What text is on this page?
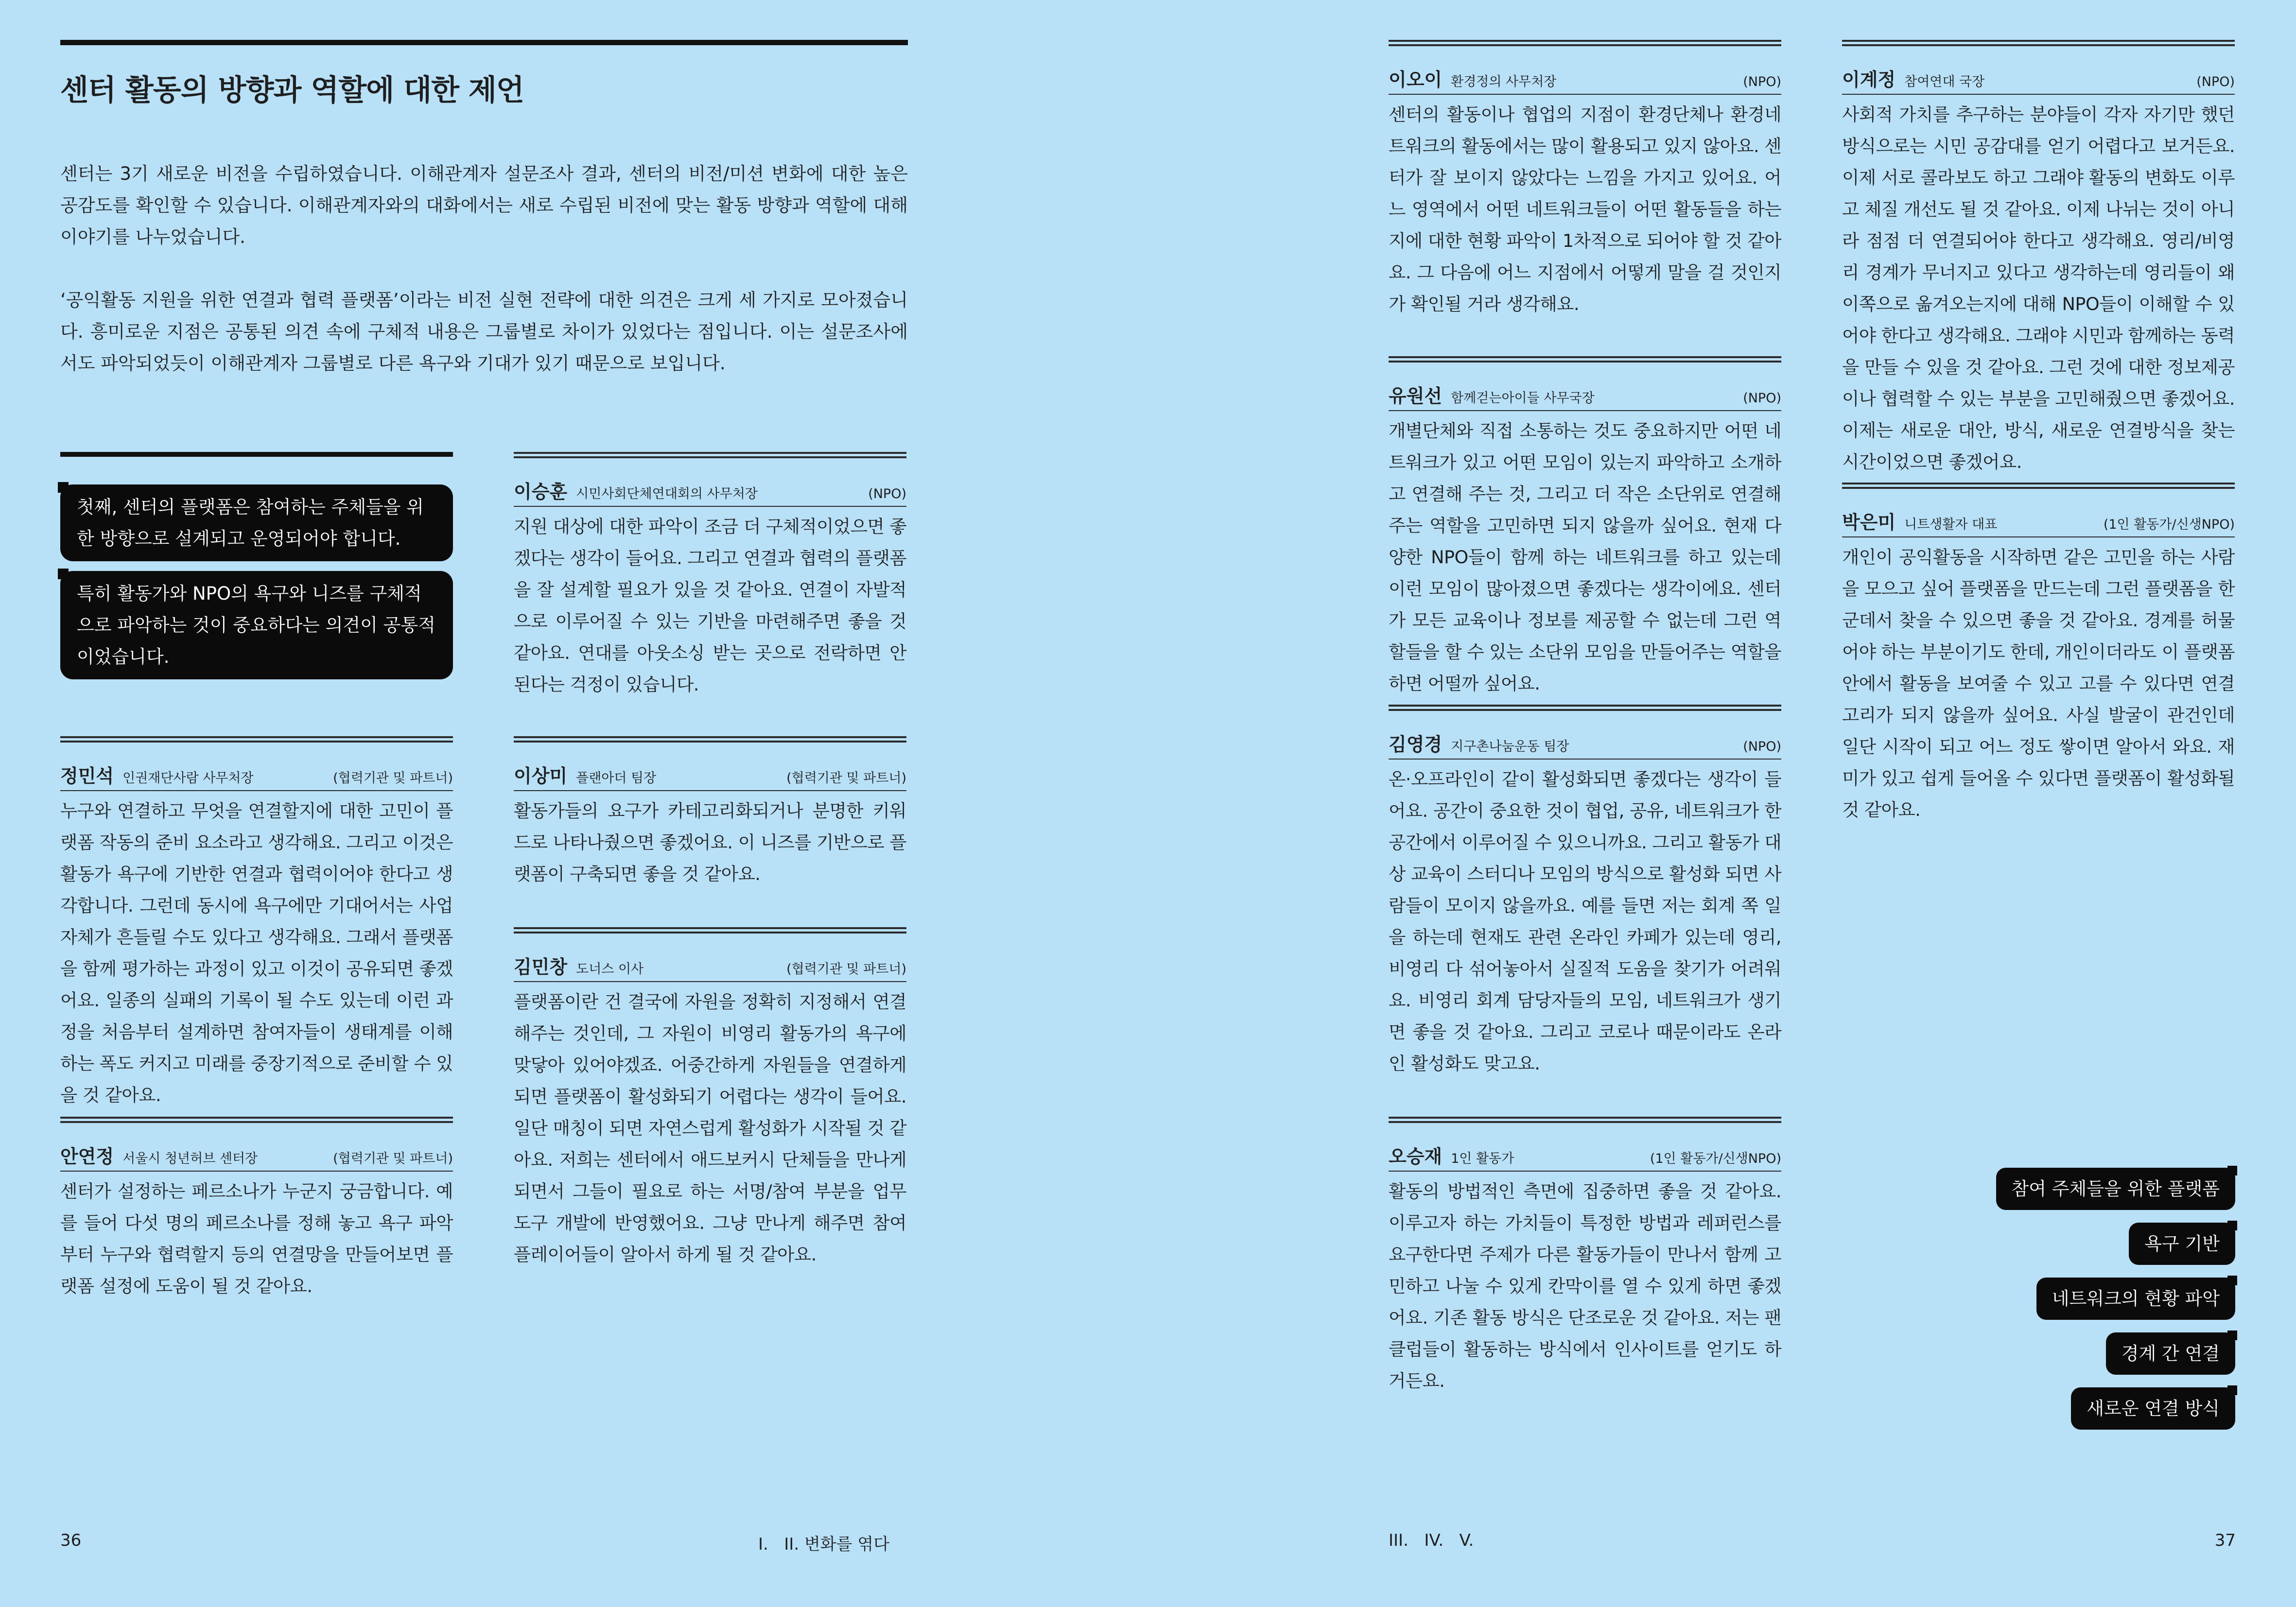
센터 활동의 방향과 역할에 대한 제언

센터는 3기 새로운 비전을 수립하였습니다. 이해관계자 설문조사 결과, 센터의 비전/미션 변화에 대한 높은 공감도를 확인할 수 있습니다. 이해관계자와의 대화에서는 새로 수립된 비전에 맞는 활동 방향과 역할에 대해 이야기를 나누었습니다.

‘공익활동 지원을 위한 연결과 협력 플랫폼’이라는 비전 실현 전략에 대한 의견은 크게 세 가지로 모아졌습니다. 흥미로운 지점은 공통된 의견 속에 구체적 내용은 그룹별로 차이가 있었다는 점입니다. 이는 설문조사에서도 파악되었듯이 이해관계자 그룹별로 다른 욕구와 기대가 있기 때문으로 보입니다.

첫째, 센터의 플랫폼은 참여하는 주체들을 위한 방향으로 설계되고 운영되어야 합니다.
특히 활동가와 NPO의 욕구와 니즈를 구체적으로 파악하는 것이 중요하다는 의견이 공통적이었습니다.
이승훈 시민사회단체연대회의 사무처장	(NPO)
지원 대상에 대한 파악이 조금 더 구체적이었으면 좋겠다는 생각이 들어요. 그리고 연결과 협력의 플랫폼을 잘 설계할 필요가 있을 것 같아요. 연결이 자발적으로 이루어질 수 있는 기반을 마련해주면 좋을 것 같아요. 연대를 아웃소싱 받는 곳으로 전락하면 안 된다는 걱정이 있습니다.
정민석 인권재단사람 사무처장	(협력기관 및 파트너)
누구와 연결하고 무엇을 연결할지에 대한 고민이 플랫폼 작동의 준비 요소라고 생각해요. 그리고 이것은 활동가 욕구에 기반한 연결과 협력이어야 한다고 생각합니다. 그런데 동시에 욕구에만 기대어서는 사업 자체가 흔들릴 수도 있다고 생각해요. 그래서 플랫폼을 함께 평가하는 과정이 있고 이것이 공유되면 좋겠어요. 일종의 실패의 기록이 될 수도 있는데 이런 과정을 처음부터 설계하면 참여자들이 생태계를 이해하는 폭도 커지고 미래를 중장기적으로 준비할 수 있을 것 같아요.
이상미 플랜아더 팀장	(협력기관 및 파트너)
활동가들의 요구가 카테고리화되거나 분명한 키워드로 나타나줬으면 좋겠어요. 이 니즈를 기반으로 플랫폼이 구축되면 좋을 것 같아요.
김민창 도너스 이사	(협력기관 및 파트너)
플랫폼이란 건 결국에 자원을 정확히 지정해서 연결해주는 것인데, 그 자원이 비영리 활동가의 욕구에 맞닿아 있어야겠죠. 어중간하게 자원들을 연결하게 되면 플랫폼이 활성화되기 어렵다는 생각이 들어요. 일단 매칭이 되면 자연스럽게 활성화가 시작될 것 같아요. 저희는 센터에서 애드보커시 단체들을 만나게 되면서 그들이 필요로 하는 서명/참여 부분을 업무도구 개발에 반영했어요. 그냥 만나게 해주면 참여 플레이어들이 알아서 하게 될 것 같아요.
안연정 서울시 청년허브 센터장	(협력기관 및 파트너)
센터가 설정하는 페르소나가 누군지 궁금합니다. 예를 들어 다섯 명의 페르소나를 정해 놓고 욕구 파악부터 누구와 협력할지 등의 연결망을 만들어보면 플랫폼 설정에 도움이 될 것 같아요.
36	I.   II. 변화를 엮다
이오이 환경정의 사무처장	(NPO)
센터의 활동이나 협업의 지점이 환경단체나 환경네트워크의 활동에서는 많이 활용되고 있지 않아요. 센터가 잘 보이지 않았다는 느낌을 가지고 있어요. 어느 영역에서 어떤 네트워크들이 어떤 활동들을 하는지에 대한 현황 파악이 1차적으로 되어야 할 것 같아요. 그 다음에 어느 지점에서 어떻게 말을 걸 것인지가 확인될 거라 생각해요.
유원선 함께걷는아이들 사무국장	(NPO)
개별단체와 직접 소통하는 것도 중요하지만 어떤 네트워크가 있고 어떤 모임이 있는지 파악하고 소개하고 연결해 주는 것, 그리고 더 작은 소단위로 연결해 주는 역할을 고민하면 되지 않을까 싶어요. 현재 다양한 NPO들이 함께 하는 네트워크를 하고 있는데 이런 모임이 많아졌으면 좋겠다는 생각이에요. 센터가 모든 교육이나 정보를 제공할 수 없는데 그런 역할들을 할 수 있는 소단위 모임을 만들어주는 역할을 하면 어떨까 싶어요.
김영경 지구촌나눔운동 팀장	(NPO)
온·오프라인이 같이 활성화되면 좋겠다는 생각이 들어요. 공간이 중요한 것이 협업, 공유, 네트워크가 한 공간에서 이루어질 수 있으니까요. 그리고 활동가 대상 교육이 스터디나 모임의 방식으로 활성화 되면 사람들이 모이지 않을까요. 예를 들면 저는 회계 쪽 일을 하는데 현재도 관련 온라인 카페가 있는데 영리, 비영리 다 섞어놓아서 실질적 도움을 찾기가 어려워요. 비영리 회계 담당자들의 모임, 네트워크가 생기면 좋을 것 같아요. 그리고 코로나 때문이라도 온라인 활성화도 맞고요.
오승재 1인 활동가	(1인 활동가/신생NPO)
활동의 방법적인 측면에 집중하면 좋을 것 같아요. 이루고자 하는 가치들이 특정한 방법과 레퍼런스를 요구한다면 주제가 다른 활동가들이 만나서 함께 고민하고 나눌 수 있게 칸막이를 열 수 있게 하면 좋겠어요. 기존 활동 방식은 단조로운 것 같아요. 저는 팬클럽들이 활동하는 방식에서 인사이트를 얻기도 하거든요.
이계정 참여연대 국장	(NPO)
사회적 가치를 추구하는 분야들이 각자 자기만 했던 방식으로는 시민 공감대를 얻기 어렵다고 보거든요. 이제 서로 콜라보도 하고 그래야 활동의 변화도 이루고 체질 개선도 될 것 같아요. 이제 나뉘는 것이 아니라 점점 더 연결되어야 한다고 생각해요. 영리/비영리 경계가 무너지고 있다고 생각하는데 영리들이 왜 이쪽으로 옮겨오는지에 대해 NPO들이 이해할 수 있어야 한다고 생각해요. 그래야 시민과 함께하는 동력을 만들 수 있을 것 같아요. 그런 것에 대한 정보제공이나 협력할 수 있는 부분을 고민해줬으면 좋겠어요. 이제는 새로운 대안, 방식, 새로운 연결방식을 찾는 시간이었으면 좋겠어요.
박은미 니트생활자 대표	(1인 활동가/신생NPO)
개인이 공익활동을 시작하면 같은 고민을 하는 사람을 모으고 싶어 플랫폼을 만드는데 그런 플랫폼을 한 군데서 찾을 수 있으면 좋을 것 같아요. 경계를 허물어야 하는 부분이기도 한데, 개인이더라도 이 플랫폼 안에서 활동을 보여줄 수 있고 고를 수 있다면 연결고리가 되지 않을까 싶어요. 사실 발굴이 관건인데 일단 시작이 되고 어느 정도 쌓이면 알아서 와요. 재미가 있고 쉽게 들어올 수 있다면 플랫폼이 활성화될 것 같아요.
참여 주체들을 위한 플랫폼
욕구 기반
네트워크의 현황 파악
경계 간 연결
새로운 연결 방식
III.   IV.   V.	37
